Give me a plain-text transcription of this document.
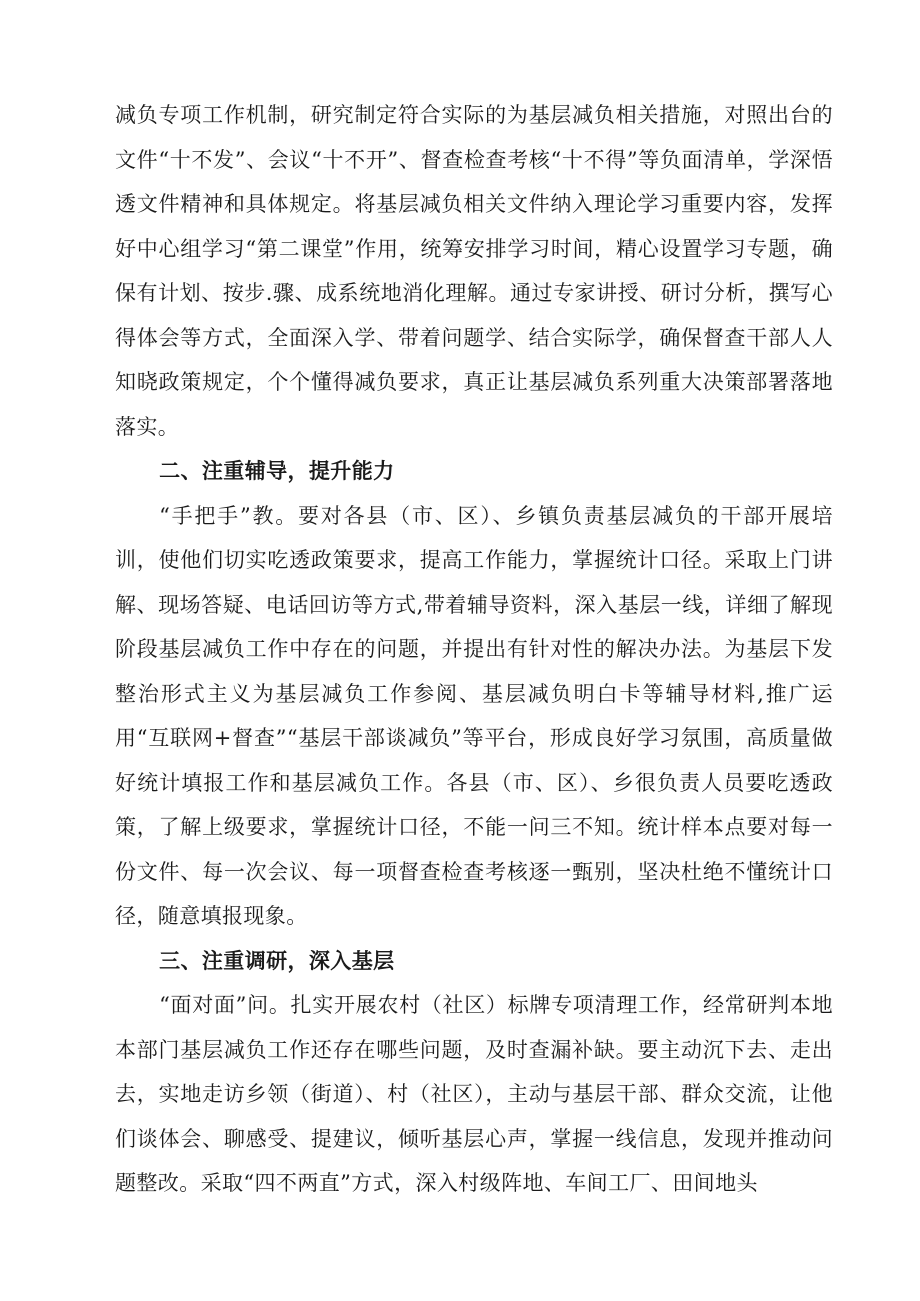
减负专项工作机制，研究制定符合实际的为基层减负相关措施，对照出台的文件“十不发”、会议“十不开”、督查检查考核“十不得”等负面清单，学深悟透文件精神和具体规定。将基层减负相关文件纳入理论学习重要内容，发挥好中心组学习“第二课堂”作用，统筹安排学习时间，精心设置学习专题，确保有计划、按步.骤、成系统地消化理解。通过专家讲授、研讨分析，撰写心得体会等方式，全面深入学、带着问题学、结合实际学，确保督查干部人人知晓政策规定，个个懂得减负要求，真正让基层减负系列重大决策部署落地落实。

二、注重辅导，提升能力

“手把手”教。要对各县（市、区）、乡镇负责基层减负的干部开展培训，使他们切实吃透政策要求，提高工作能力，掌握统计口径。采取上门讲解、现场答疑、电话回访等方式,带着辅导资料，深入基层一线，详细了解现阶段基层减负工作中存在的问题，并提出有针对性的解决办法。为基层下发整治形式主义为基层减负工作参阅、基层减负明白卡等辅导材料,推广运用“互联网+督查”“基层干部谈减负”等平台，形成良好学习氛围，高质量做好统计填报工作和基层减负工作。各县（市、区）、乡很负责人员要吃透政策，了解上级要求，掌握统计口径，不能一问三不知。统计样本点要对每一份文件、每一次会议、每一项督查检查考核逐一甄别，坚决杜绝不懂统计口径，随意填报现象。

三、注重调研，深入基层

“面对面”问。扎实开展农村（社区）标牌专项清理工作，经常研判本地本部门基层减负工作还存在哪些问题，及时查漏补缺。要主动沉下去、走出去，实地走访乡领（街道）、村（社区），主动与基层干部、群众交流，让他们谈体会、聊感受、提建议，倾听基层心声，掌握一线信息，发现并推动问题整改。采取“四不两直”方式，深入村级阵地、车间工厂、田间地头
